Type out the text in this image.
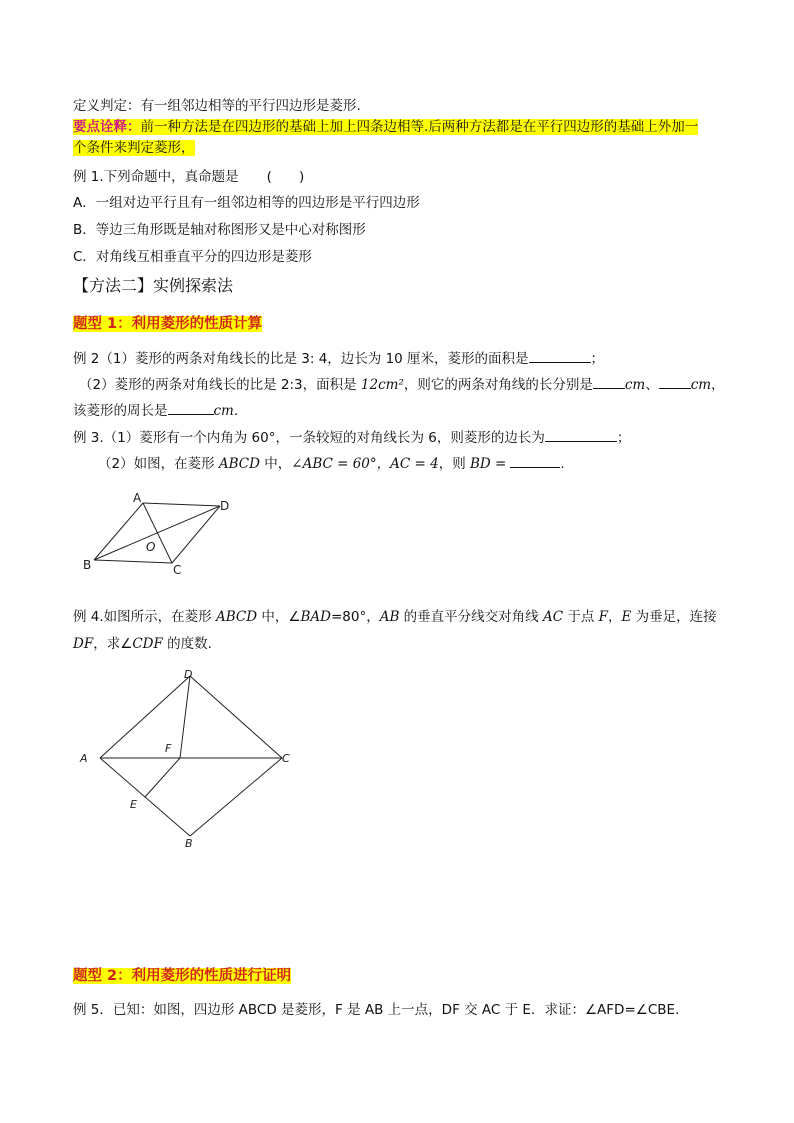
定义判定：有一组邻边相等的平行四边形是菱形.
要点诠释：前一种方法是在四边形的基础上加上四条边相等.后两种方法都是在平行四边形的基础上外加一
个条件来判定菱形，
例 1.下列命题中，真命题是 (　　)
A．一组对边平行且有一组邻边相等的四边形是平行四边形
B．等边三角形既是轴对称图形又是中心对称图形
C．对角线互相垂直平分的四边形是菱形
【方法二】实例探索法
题型 1：利用菱形的性质计算
例 2（1）菱形的两条对角线长的比是 3: 4，边长为 10 厘米，菱形的面积是	；
（2）菱形的两条对角线长的比是 2:3，面积是 12cm²，则它的两条对角线的长分别是 cm、 cm，
该菱形的周长是	cm.
例 3.（1）菱形有一个内角为 60°，一条较短的对角线长为 6，则菱形的边长为	；
（2）如图，在菱形 ABCD 中，∠ABC = 60°，AC = 4，则 BD =	.
A
D
B	C
O
例 4.如图所示，在菱形 ABCD 中，∠BAD=80°，AB 的垂直平分线交对角线 AC 于点 F，E 为垂足，连接
DF，求∠CDF 的度数.
D
A	C
F
E
B
题型 2：利用菱形的性质进行证明
例 5．已知：如图，四边形 ABCD 是菱形，F 是 AB 上一点，DF 交 AC 于 E．求证：∠AFD=∠CBE．
